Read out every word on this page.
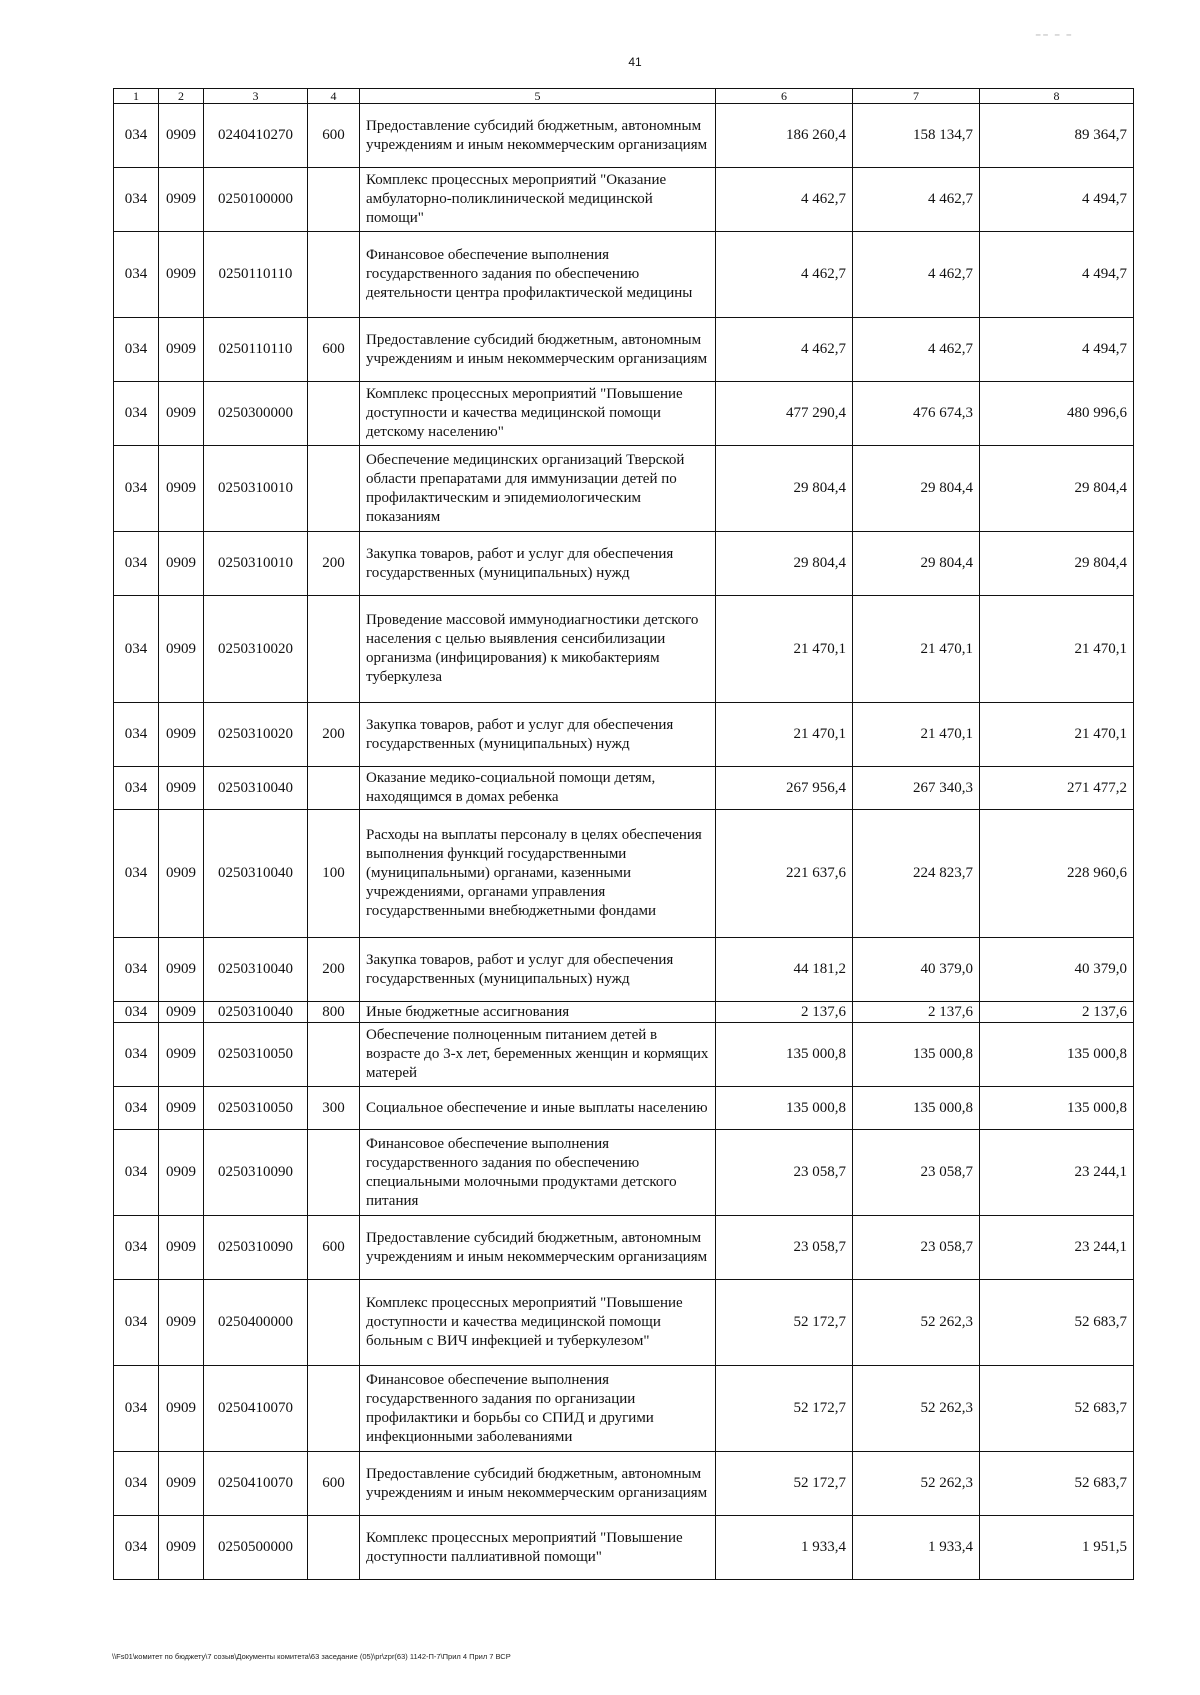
⁻⁻ ⁻ ⁻
41
1	2	3	4	5	6	7	8
034	0909	0240410270	600	Предоставление субсидий бюджетным, автономным учреждениям и иным некоммерческим организациям	186 260,4	158 134,7	89 364,7
034	0909	0250100000		Комплекс процессных мероприятий "Оказание амбулаторно-поликлинической медицинской помощи"	4 462,7	4 462,7	4 494,7
034	0909	0250110110		Финансовое обеспечение выполнения государственного задания по обеспечению деятельности центра профилактической медицины	4 462,7	4 462,7	4 494,7
034	0909	0250110110	600	Предоставление субсидий бюджетным, автономным учреждениям и иным некоммерческим организациям	4 462,7	4 462,7	4 494,7
034	0909	0250300000		Комплекс процессных мероприятий "Повышение доступности и качества медицинской помощи детскому населению"	477 290,4	476 674,3	480 996,6
034	0909	0250310010		Обеспечение медицинских организаций Тверской области препаратами для иммунизации детей по профилактическим и эпидемиологическим показаниям	29 804,4	29 804,4	29 804,4
034	0909	0250310010	200	Закупка товаров, работ и услуг для обеспечения государственных (муниципальных) нужд	29 804,4	29 804,4	29 804,4
034	0909	0250310020		Проведение массовой иммунодиагностики детского населения с целью выявления сенсибилизации организма (инфицирования) к микобактериям туберкулеза	21 470,1	21 470,1	21 470,1
034	0909	0250310020	200	Закупка товаров, работ и услуг для обеспечения государственных (муниципальных) нужд	21 470,1	21 470,1	21 470,1
034	0909	0250310040		Оказание медико-социальной помощи детям, находящимся в домах ребенка	267 956,4	267 340,3	271 477,2
034	0909	0250310040	100	Расходы на выплаты персоналу в целях обеспечения выполнения функций государственными (муниципальными) органами, казенными учреждениями, органами управления государственными внебюджетными фондами	221 637,6	224 823,7	228 960,6
034	0909	0250310040	200	Закупка товаров, работ и услуг для обеспечения государственных (муниципальных) нужд	44 181,2	40 379,0	40 379,0
034	0909	0250310040	800	Иные бюджетные ассигнования	2 137,6	2 137,6	2 137,6
034	0909	0250310050		Обеспечение полноценным питанием детей в возрасте до 3-х лет, беременных женщин и кормящих матерей	135 000,8	135 000,8	135 000,8
034	0909	0250310050	300	Социальное обеспечение и иные выплаты населению	135 000,8	135 000,8	135 000,8
034	0909	0250310090		Финансовое обеспечение выполнения государственного задания по обеспечению специальными молочными продуктами детского питания	23 058,7	23 058,7	23 244,1
034	0909	0250310090	600	Предоставление субсидий бюджетным, автономным учреждениям и иным некоммерческим организациям	23 058,7	23 058,7	23 244,1
034	0909	0250400000		Комплекс процессных мероприятий "Повышение доступности и качества медицинской помощи больным с ВИЧ инфекцией и туберкулезом"	52 172,7	52 262,3	52 683,7
034	0909	0250410070		Финансовое обеспечение выполнения государственного задания по организации профилактики и борьбы со СПИД и другими инфекционными заболеваниями	52 172,7	52 262,3	52 683,7
034	0909	0250410070	600	Предоставление субсидий бюджетным, автономным учреждениям и иным некоммерческим организациям	52 172,7	52 262,3	52 683,7
034	0909	0250500000		Комплекс процессных мероприятий "Повышение доступности паллиативной помощи"	1 933,4	1 933,4	1 951,5
\\Fs01\комитет по бюджету\7 созыв\Документы комитета\63 заседание (05)\pr\zpr(63) 1142-П-7\Прил 4 Прил 7 ВСР
